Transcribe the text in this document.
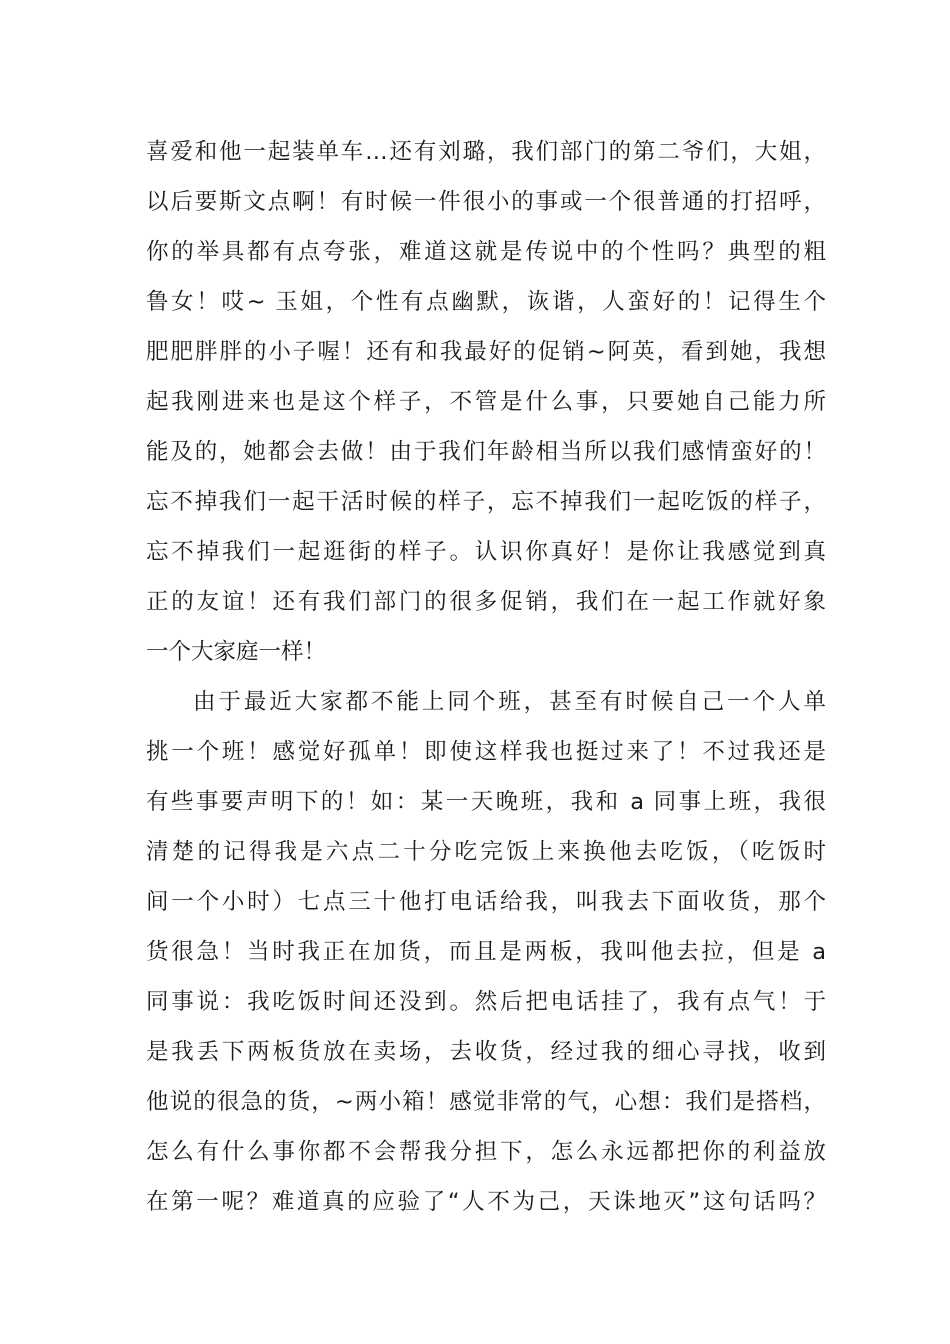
喜爱和他一起装单车…还有刘璐，我们部门的第二爷们，大姐，
以后要斯文点啊！有时候一件很小的事或一个很普通的打招呼，
你的举具都有点夸张，难道这就是传说中的个性吗？典型的粗
鲁女！哎~ 玉姐，个性有点幽默，诙谐，人蛮好的！记得生个
肥肥胖胖的小子喔！还有和我最好的促销~阿英，看到她，我想
起我刚进来也是这个样子，不管是什么事，只要她自己能力所
能及的，她都会去做！由于我们年龄相当所以我们感情蛮好的！
忘不掉我们一起干活时候的样子，忘不掉我们一起吃饭的样子，
忘不掉我们一起逛街的样子。认识你真好！是你让我感觉到真
正的友谊！还有我们部门的很多促销，我们在一起工作就好象
一个大家庭一样！
由于最近大家都不能上同个班，甚至有时候自己一个人单
挑一个班！感觉好孤单！即使这样我也挺过来了！不过我还是
有些事要声明下的！如：某一天晚班，我和 a 同事上班，我很
清楚的记得我是六点二十分吃完饭上来换他去吃饭，（吃饭时
间一个小时）七点三十他打电话给我，叫我去下面收货，那个
货很急！当时我正在加货，而且是两板，我叫他去拉，但是 a
同事说：我吃饭时间还没到。然后把电话挂了，我有点气！于
是我丢下两板货放在卖场，去收货，经过我的细心寻找，收到
他说的很急的货，~两小箱！感觉非常的气，心想：我们是搭档，
怎么有什么事你都不会帮我分担下，怎么永远都把你的利益放
在第一呢？难道真的应验了“人不为己，天诛地灭”这句话吗？
